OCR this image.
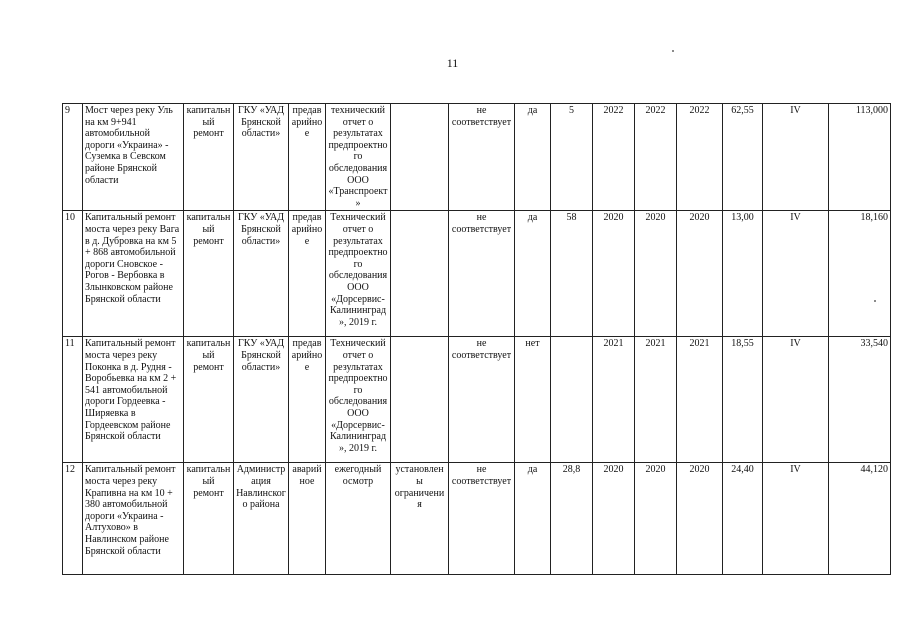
11
9	Мост через реку Уль на км 9+941 автомобильной дороги «Украина» - Суземка в Севском районе Брянской области	капитальный ремонт	ГКУ «УАД Брянской области»	предаварийное	технический отчет о результатах предпроектного обследования ООО «Транспроект»		не соответствует	да	5	2022	2022	2022	62,55	IV	113,000
10	Капитальный ремонт моста через реку Вага в д. Дубровка на км 5 + 868 автомобильной дороги Сновское - Рогов - Вербовка в Злынковском районе Брянской области	капитальный ремонт	ГКУ «УАД Брянской области»	предаварийное	Технический отчет о результатах предпроектного обследования ООО «Дорсервис-Калининград», 2019 г.		не соответствует	да	58	2020	2020	2020	13,00	IV	18,160
11	Капитальный ремонт моста через реку Поконка в д. Рудня - Воробьевка на км 2 + 541 автомобильной дороги Гордеевка - Ширяевка в Гордеевском районе Брянской области	капитальный ремонт	ГКУ «УАД Брянской области»	предаварийное	Технический отчет о результатах предпроектного обследования ООО «Дорсервис-Калининград», 2019 г.		не соответствует	нет		2021	2021	2021	18,55	IV	33,540
12	Капитальный ремонт моста через реку Крапивна на км 10 + 380 автомобильной дороги «Украина - Алтухово» в Навлинском районе Брянской области	капитальный ремонт	Администрация Навлинского района	аварийное	ежегодный осмотр	установлены ограничения	не соответствует	да	28,8	2020	2020	2020	24,40	IV	44,120
